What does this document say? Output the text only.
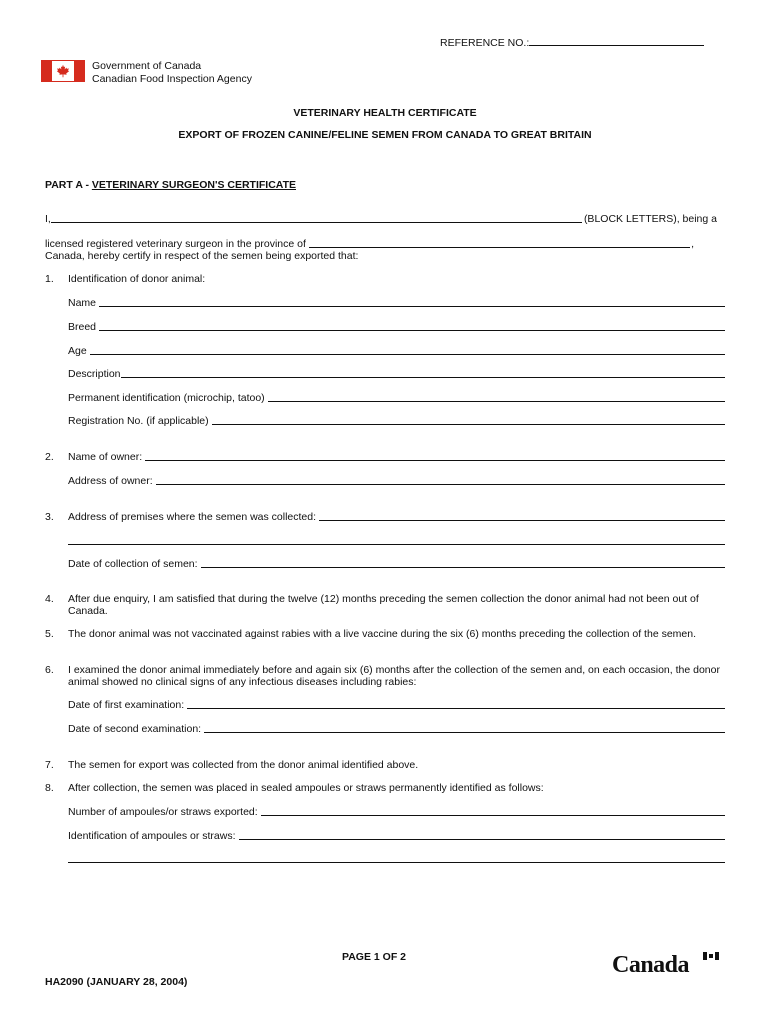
REFERENCE NO.:
Government of Canada
Canadian Food Inspection Agency
VETERINARY HEALTH CERTIFICATE
EXPORT OF FROZEN CANINE/FELINE SEMEN FROM CANADA TO GREAT BRITAIN
PART A - VETERINARY SURGEON'S CERTIFICATE
I,	(BLOCK LETTERS), being a
licensed registered veterinary surgeon in the province of	,
Canada, hereby certify in respect of the semen being exported that:
1. Identification of donor animal:
Name
Breed
Age
Description
Permanent identification (microchip, tatoo)
Registration No. (if applicable)
2. Name of owner:
Address of owner:
3. Address of premises where the semen was collected:
Date of collection of semen:
4. After due enquiry, I am satisfied that during the twelve (12) months preceding the semen collection the donor animal had not been out of Canada.
5. The donor animal was not vaccinated against rabies with a live vaccine during the six (6) months preceding the collection of the semen.
6. I examined the donor animal immediately before and again six (6) months after the collection of the semen and, on each occasion, the donor animal showed no clinical signs of any infectious diseases including rabies:
Date of first examination:
Date of second examination:
7. The semen for export was collected from the donor animal identified above.
8. After collection, the semen was placed in sealed ampoules or straws permanently identified as follows:
Number of ampoules/or straws exported:
Identification of ampoules or straws:
PAGE 1 OF 2
HA2090 (JANUARY 28, 2004)
Canada
